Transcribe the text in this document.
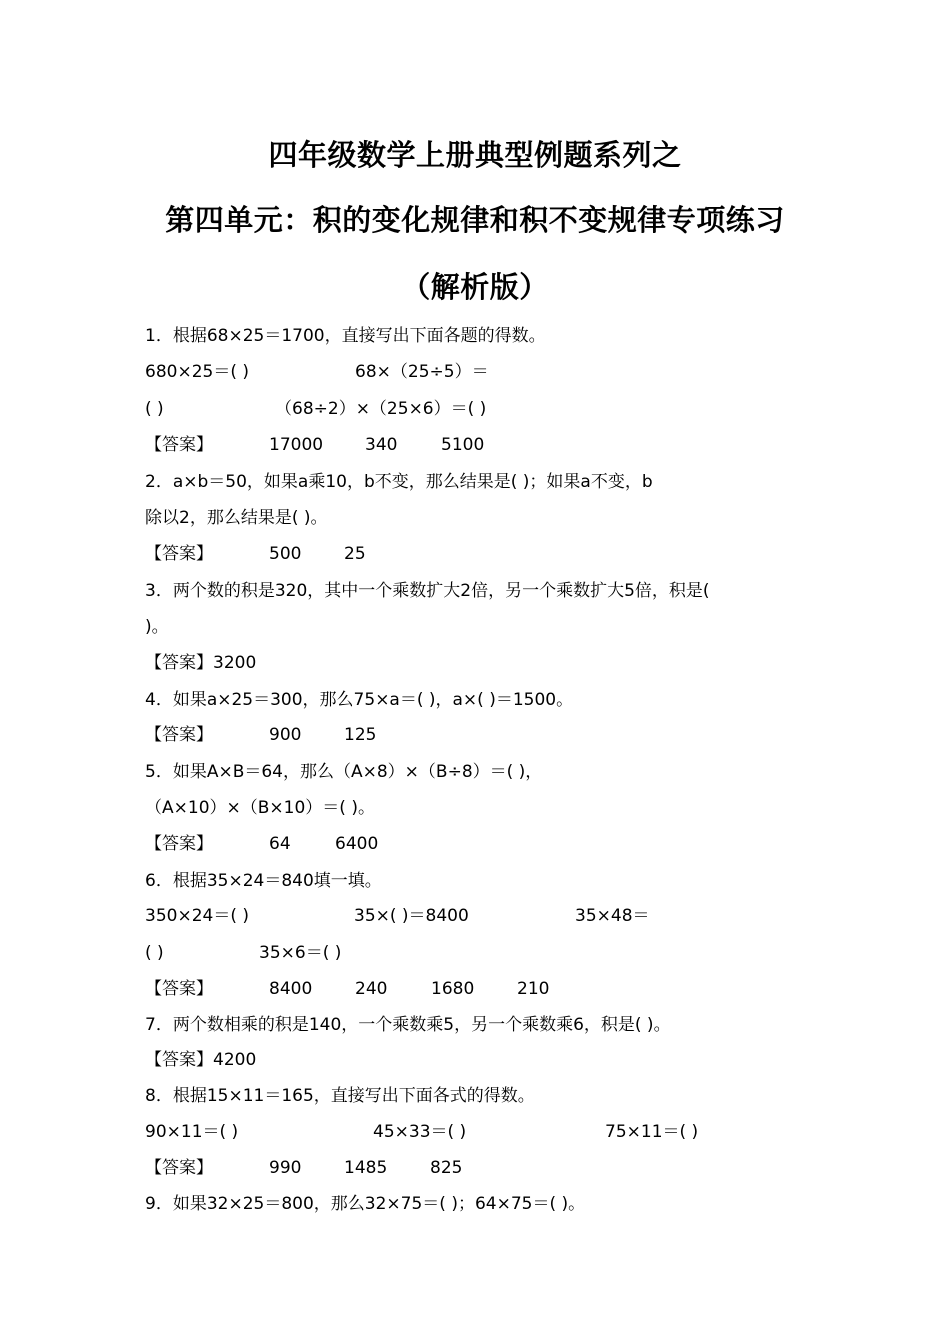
四年级数学上册典型例题系列之
第四单元：积的变化规律和积不变规律专项练习
（解析版）
1．根据68×25＝1700，直接写出下面各题的得数。
680×25＝( )	68×（25÷5）＝
( )	（68÷2）×（25×6）＝( )
【答案】	17000 340	5100
2．a×b＝50，如果a乘10，b不变，那么结果是( )；如果a不变，b
除以2，那么结果是( )。
【答案】	500	25
3．两个数的积是320，其中一个乘数扩大2倍，另一个乘数扩大5倍，积是(
)。
【答案】3200
4．如果a×25＝300，那么75×a＝( )，a×( )＝1500。
【答案】	900	125
5．如果A×B＝64，那么（A×8）×（B÷8）＝( )，
（A×10）×（B×10）＝( )。
【答案】	64	6400
6．根据35×24＝840填一填。
350×24＝( )	35×( )＝8400	35×48＝
( )	35×6＝( )
【答案】	8400	240	1680	210
7．两个数相乘的积是140，一个乘数乘5，另一个乘数乘6，积是( )。
【答案】4200
8．根据15×11＝165，直接写出下面各式的得数。
90×11＝( )	45×33＝( )	75×11＝( )
【答案】	990	1485	825
9．如果32×25＝800，那么32×75＝( )；64×75＝( )。
